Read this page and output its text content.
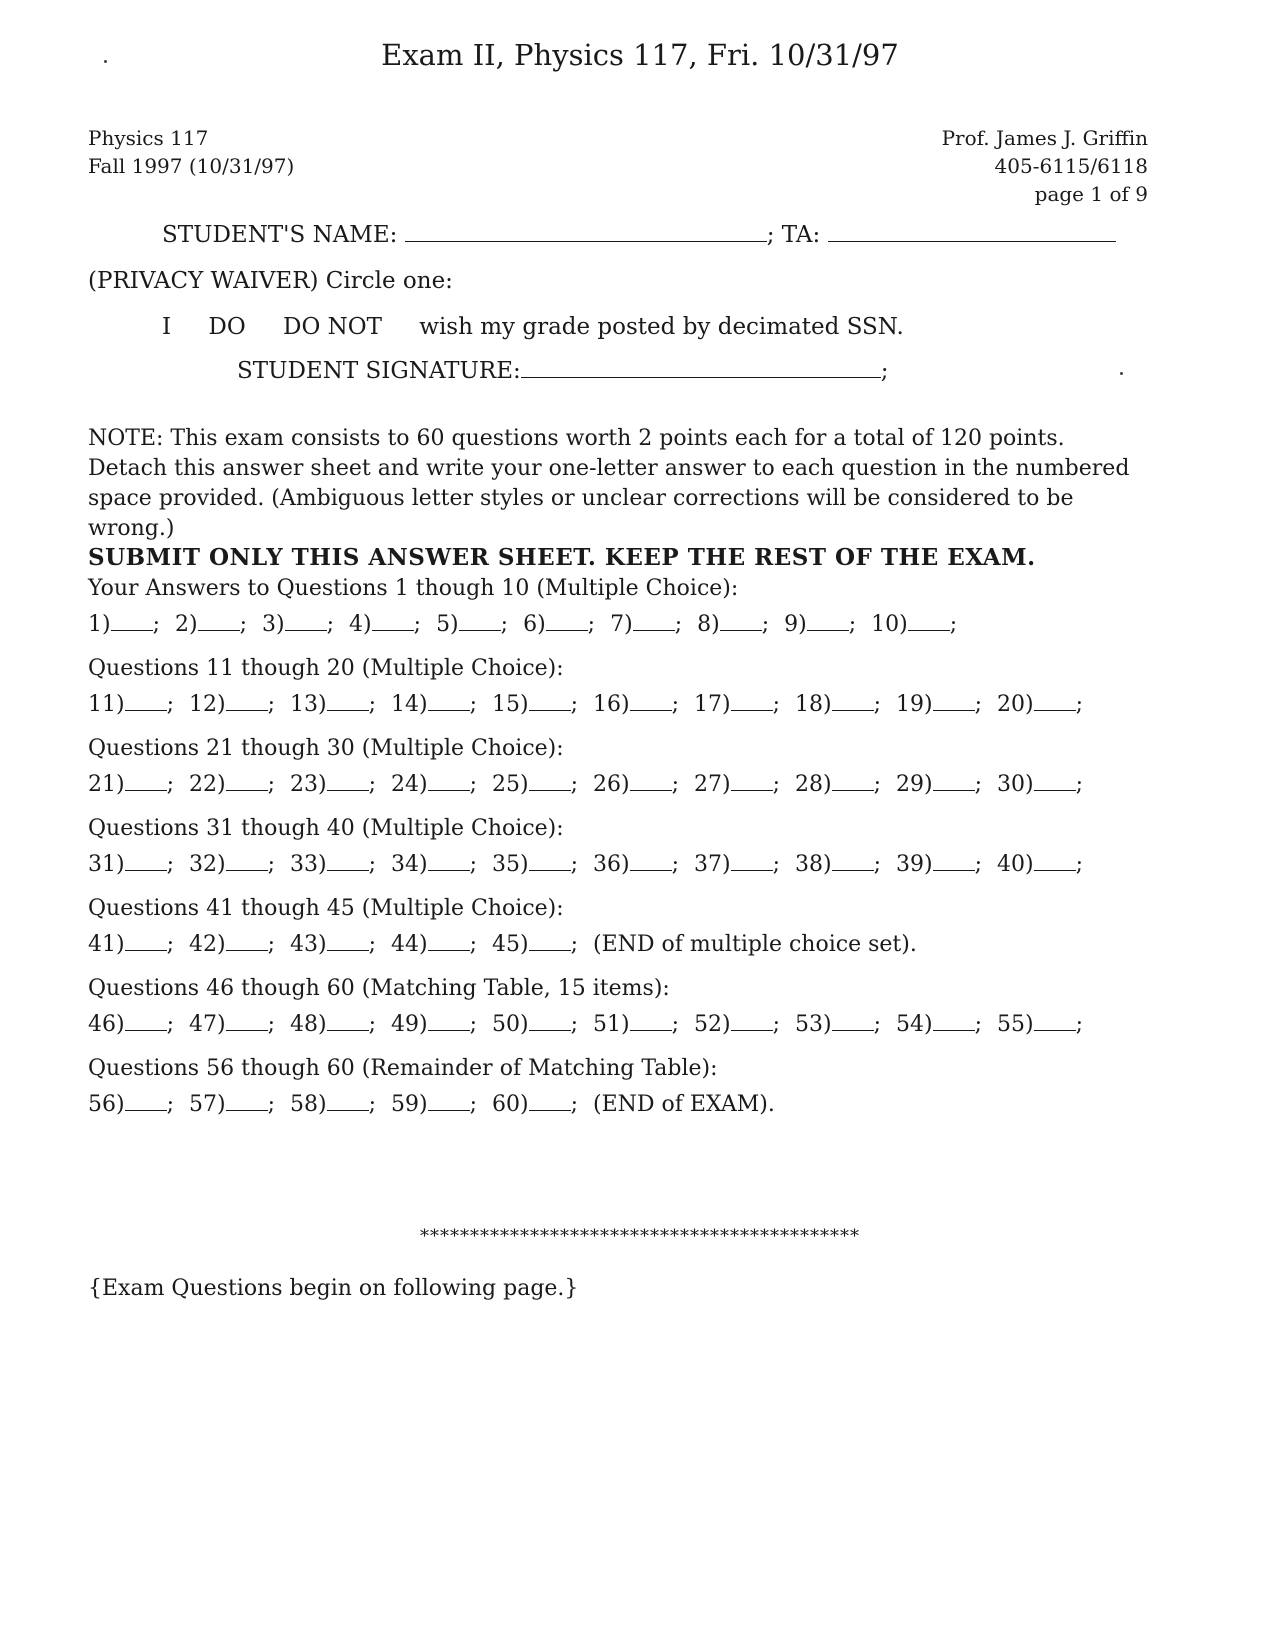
Exam II, Physics 117, Fri. 10/31/97
Physics 117
Fall 1997 (10/31/97)
Prof. James J. Griffin
405-6115/6118
page 1 of 9
STUDENT'S NAME:	; TA:
(PRIVACY WAIVER) Circle one:
I DO DO NOT wish my grade posted by decimated SSN.
STUDENT SIGNATURE:	;
NOTE: This exam consists to 60 questions worth 2 points each for a total of 120 points. Detach this answer sheet and write your one-letter answer to each question in the numbered space provided. (Ambiguous letter styles or unclear corrections will be considered to be wrong.)
SUBMIT ONLY THIS ANSWER SHEET. KEEP THE REST OF THE EXAM.
Your Answers to Questions 1 though 10 (Multiple Choice):
1) ; 2) ; 3) ; 4) ; 5) ; 6) ; 7) ; 8) ; 9) ; 10) ;
Questions 11 though 20 (Multiple Choice):
11) ; 12) ; 13) ; 14) ; 15) ; 16) ; 17) ; 18) ; 19) ; 20) ;
Questions 21 though 30 (Multiple Choice):
21) ; 22) ; 23) ; 24) ; 25) ; 26) ; 27) ; 28) ; 29) ; 30) ;
Questions 31 though 40 (Multiple Choice):
31) ; 32) ; 33) ; 34) ; 35) ; 36) ; 37) ; 38) ; 39) ; 40) ;
Questions 41 though 45 (Multiple Choice):
41) ; 42) ; 43) ; 44) ; 45) ; (END of multiple choice set).
Questions 46 though 60 (Matching Table, 15 items):
46) ; 47) ; 48) ; 49) ; 50) ; 51) ; 52) ; 53) ; 54) ; 55) ;
Questions 56 though 60 (Remainder of Matching Table):
56) ; 57) ; 58) ; 59) ; 60) ; (END of EXAM).
********************************************
{Exam Questions begin on following page.}
